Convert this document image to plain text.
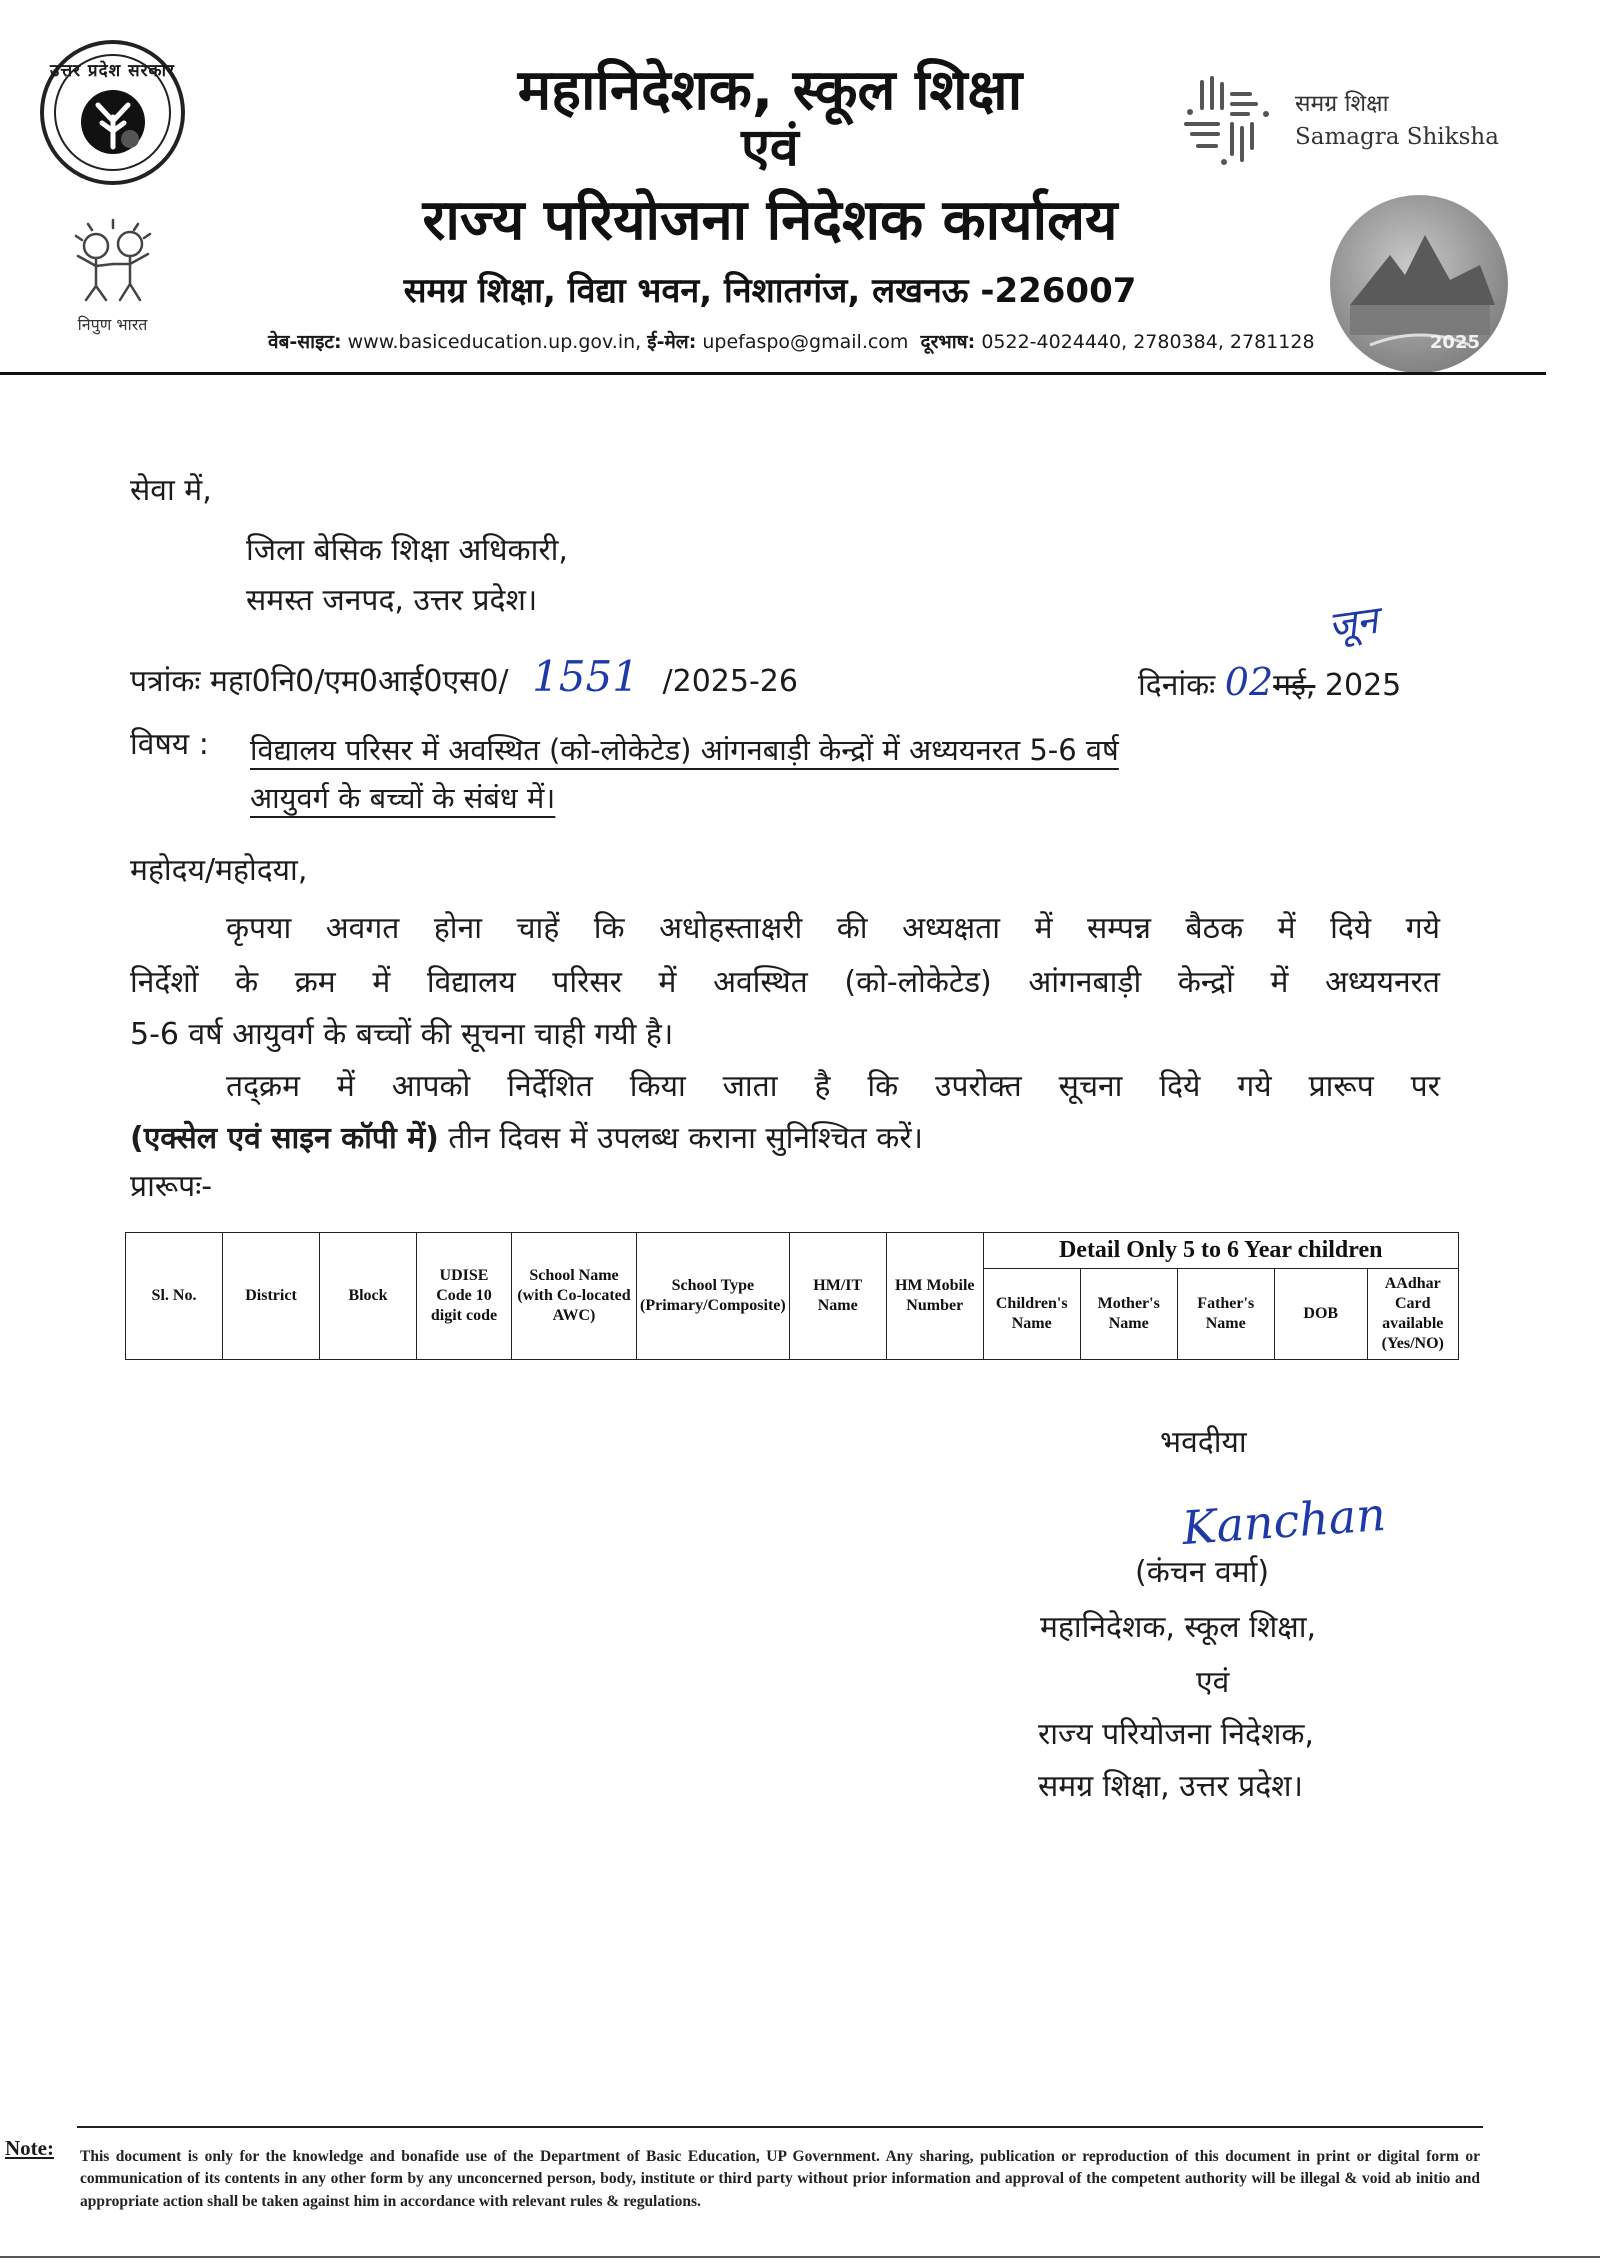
उत्तर प्रदेश सरकार
निपुण भारत
महानिदेशक, स्कूल शिक्षा
एवं
राज्य परियोजना निदेशक कार्यालय
समग्र शिक्षा, विद्या भवन, निशातगंज, लखनऊ -226007
वेब-साइट: www.basiceducation.up.gov.in, ई-मेल: upefaspo@gmail.com दूरभाष: 0522-4024440, 2780384, 2781128
समग्र शिक्षा
Samagra Shiksha
2025
सेवा में,
जिला बेसिक शिक्षा अधिकारी,
समस्त जनपद, उत्तर प्रदेश।
पत्रांकः महा0नि0/एम0आई0एस0/ 1551 /2025-26	दिनांकः 02मई, 2025
जून
विषय : विद्यालय परिसर में अवस्थित (को-लोकेटेड) आंगनबाड़ी केन्द्रों में अध्ययनरत 5-6 वर्ष
आयुवर्ग के बच्चों के संबंध में।
महोदय/महोदया,
कृपया अवगत होना चाहें कि अधोहस्ताक्षरी की अध्यक्षता में सम्पन्न बैठक में दिये गये
निर्देशों के क्रम में विद्यालय परिसर में अवस्थित (को-लोकेटेड) आंगनबाड़ी केन्द्रों में अध्ययनरत
5-6 वर्ष आयुवर्ग के बच्चों की सूचना चाही गयी है।
तद्क्रम में आपको निर्देशित किया जाता है कि उपरोक्त सूचना दिये गये प्रारूप पर
(एक्सेल एवं साइन कॉपी में) तीन दिवस में उपलब्ध कराना सुनिश्चित करें।
प्रारूपः-
Sl. No.	District	Block	UDISE Code 10 digit code	School Name (with Co-located AWC)	School Type (Primary/Composite)	HM/IT Name	HM Mobile Number	Detail Only 5 to 6 Year children				
								Children's Name	Mother's Name	Father's Name	DOB	AAdhar Card available (Yes/NO)
भवदीया
Kanchan
(कंचन वर्मा)
महानिदेशक, स्कूल शिक्षा,
एवं
राज्य परियोजना निदेशक,
समग्र शिक्षा, उत्तर प्रदेश।
Note: This document is only for the knowledge and bonafide use of the Department of Basic Education, UP Government. Any sharing, publication or reproduction of this document in print or digital form or communication of its contents in any other form by any unconcerned person, body, institute or third party without prior information and approval of the competent authority will be illegal & void ab initio and appropriate action shall be taken against him in accordance with relevant rules & regulations.
